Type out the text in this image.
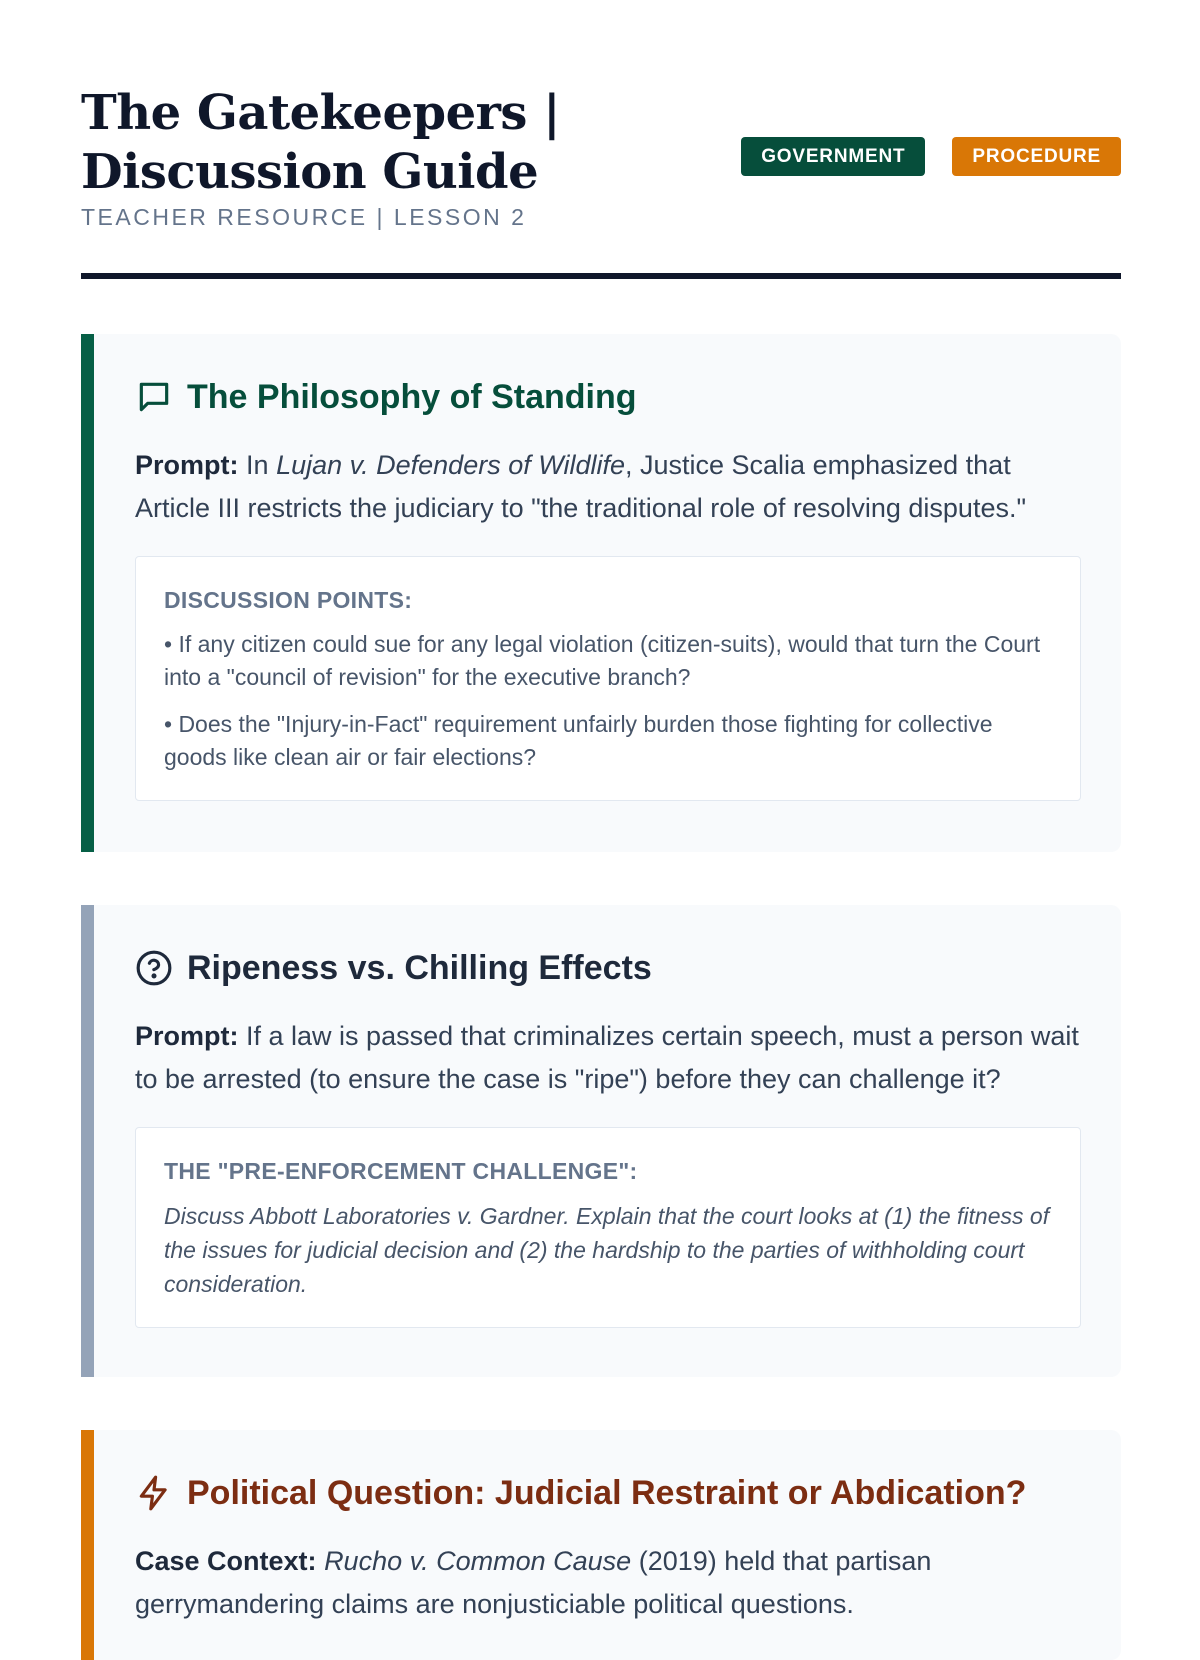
The Gatekeepers | Discussion Guide
TEACHER RESOURCE | LESSON 2
GOVERNMENT	PROCEDURE
The Philosophy of Standing

Prompt: In Lujan v. Defenders of Wildlife, Justice Scalia emphasized that Article III restricts the judiciary to "the traditional role of resolving disputes."

DISCUSSION POINTS:

• If any citizen could sue for any legal violation (citizen-suits), would that turn the Court into a "council of revision" for the executive branch?

• Does the "Injury-in-Fact" requirement unfairly burden those fighting for collective goods like clean air or fair elections?

Ripeness vs. Chilling Effects

Prompt: If a law is passed that criminalizes certain speech, must a person wait to be arrested (to ensure the case is "ripe") before they can challenge it?

THE "PRE-ENFORCEMENT CHALLENGE":

Discuss Abbott Laboratories v. Gardner. Explain that the court looks at (1) the fitness of the issues for judicial decision and (2) the hardship to the parties of withholding court consideration.

Political Question: Judicial Restraint or Abdication?

Case Context: Rucho v. Common Cause (2019) held that partisan gerrymandering claims are nonjusticiable political questions.
